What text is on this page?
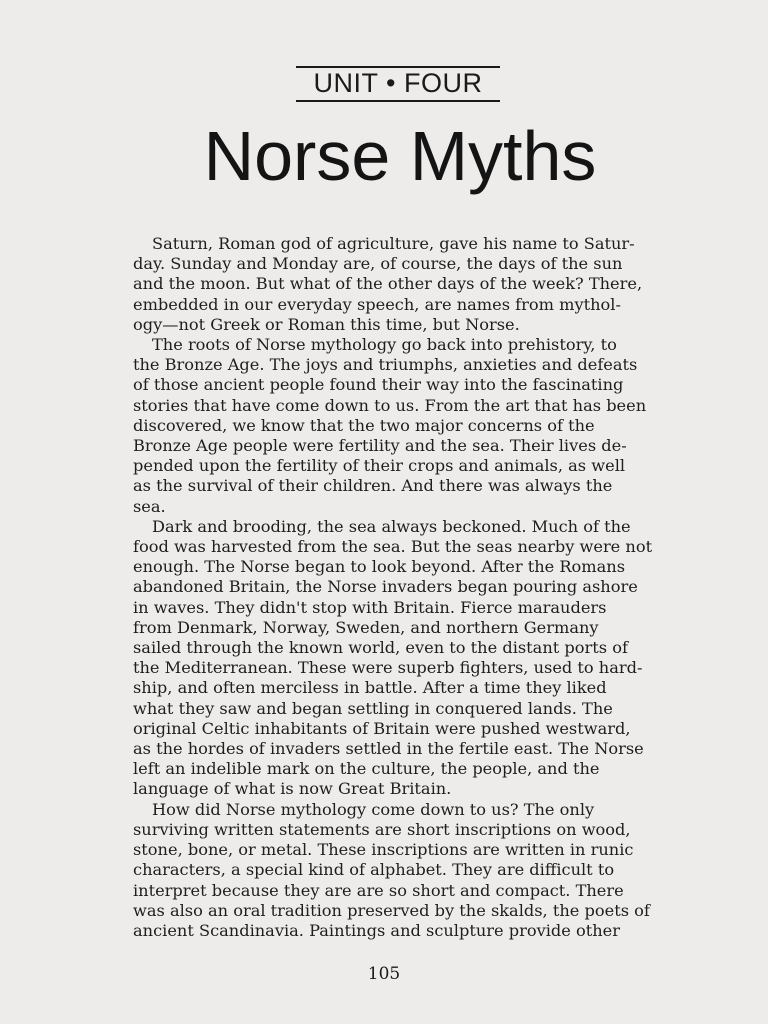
UNIT • FOUR
Norse Myths
Saturn, Roman god of agriculture, gave his name to Satur-
day. Sunday and Monday are, of course, the days of the sun
and the moon. But what of the other days of the week? There,
embedded in our everyday speech, are names from mythol-
ogy—not Greek or Roman this time, but Norse.
The roots of Norse mythology go back into prehistory, to
the Bronze Age. The joys and triumphs, anxieties and defeats
of those ancient people found their way into the fascinating
stories that have come down to us. From the art that has been
discovered, we know that the two major concerns of the
Bronze Age people were fertility and the sea. Their lives de-
pended upon the fertility of their crops and animals, as well
as the survival of their children. And there was always the
sea.
Dark and brooding, the sea always beckoned. Much of the
food was harvested from the sea. But the seas nearby were not
enough. The Norse began to look beyond. After the Romans
abandoned Britain, the Norse invaders began pouring ashore
in waves. They didn't stop with Britain. Fierce marauders
from Denmark, Norway, Sweden, and northern Germany
sailed through the known world, even to the distant ports of
the Mediterranean. These were superb fighters, used to hard-
ship, and often merciless in battle. After a time they liked
what they saw and began settling in conquered lands. The
original Celtic inhabitants of Britain were pushed westward,
as the hordes of invaders settled in the fertile east. The Norse
left an indelible mark on the culture, the people, and the
language of what is now Great Britain.
How did Norse mythology come down to us? The only
surviving written statements are short inscriptions on wood,
stone, bone, or metal. These inscriptions are written in runic
characters, a special kind of alphabet. They are difficult to
interpret because they are are so short and compact. There
was also an oral tradition preserved by the skalds, the poets of
ancient Scandinavia. Paintings and sculpture provide other
105
